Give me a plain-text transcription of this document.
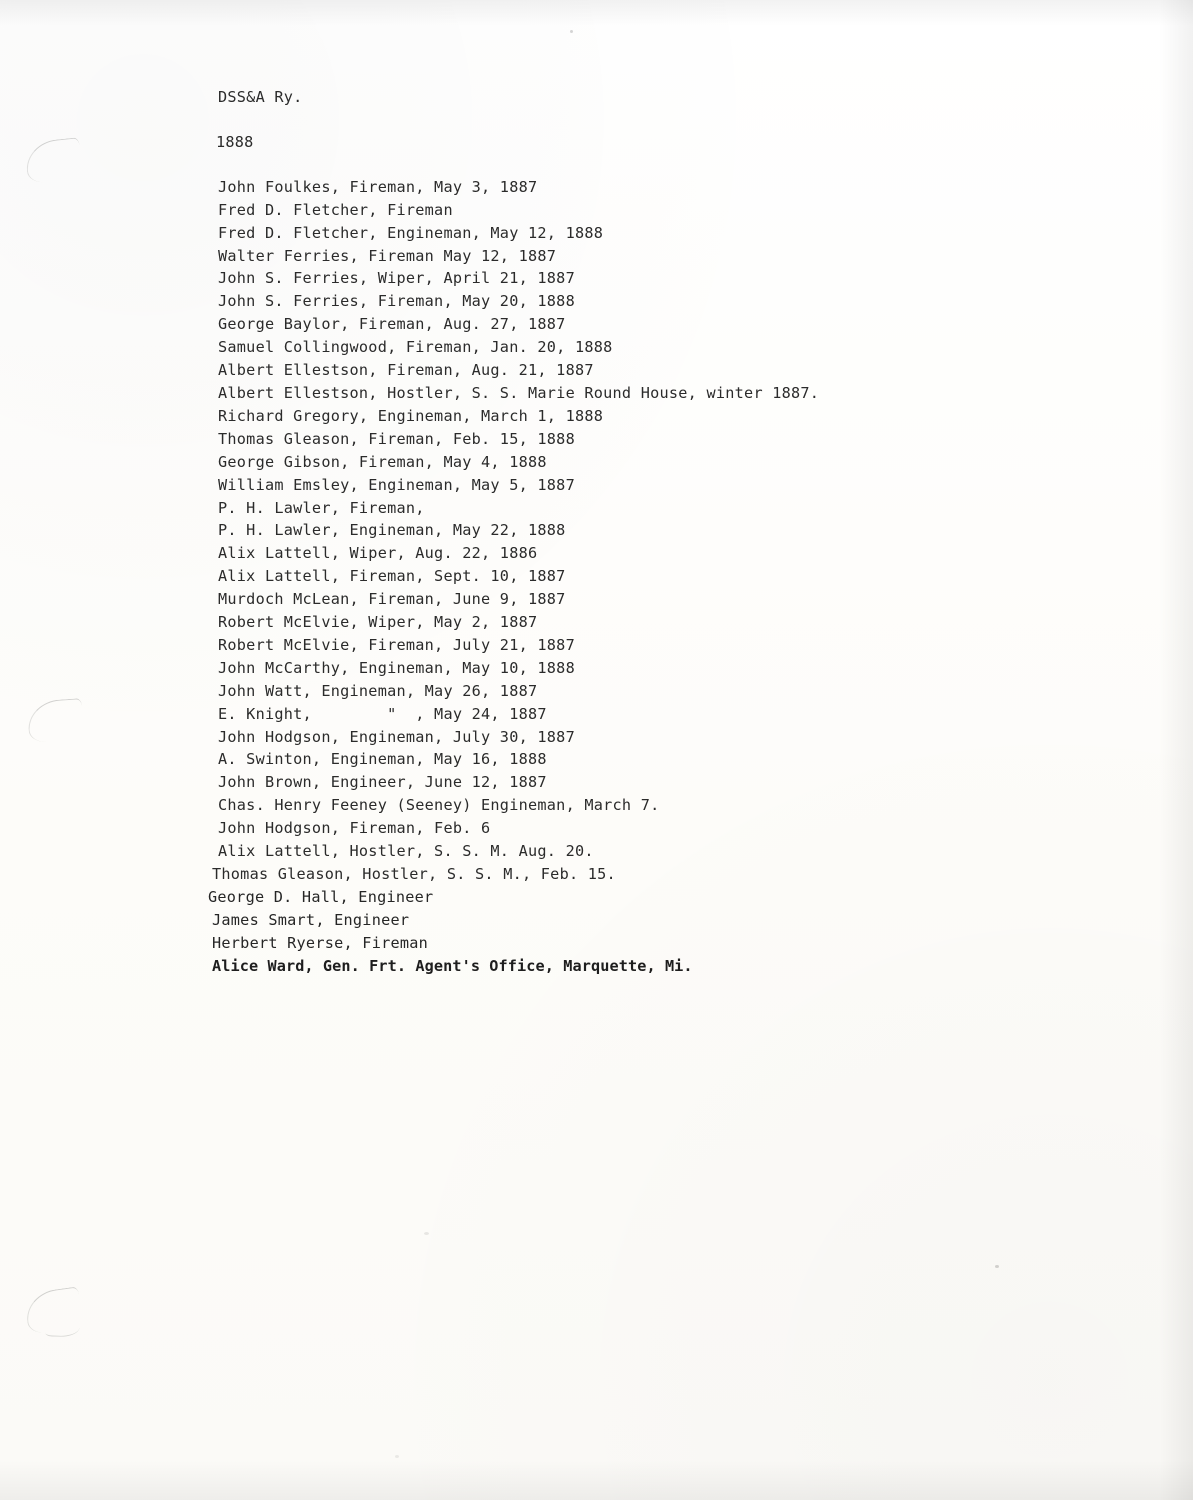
DSS&A Ry.
1888
John Foulkes, Fireman, May 3, 1887
Fred D. Fletcher, Fireman
Fred D. Fletcher, Engineman, May 12, 1888
Walter Ferries, Fireman May 12, 1887
John S. Ferries, Wiper, April 21, 1887
John S. Ferries, Fireman, May 20, 1888
George Baylor, Fireman, Aug. 27, 1887
Samuel Collingwood, Fireman, Jan. 20, 1888
Albert Ellestson, Fireman, Aug. 21, 1887
Albert Ellestson, Hostler, S. S. Marie Round House, winter 1887.
Richard Gregory, Engineman, March 1, 1888
Thomas Gleason, Fireman, Feb. 15, 1888
George Gibson, Fireman, May 4, 1888
William Emsley, Engineman, May 5, 1887
P. H. Lawler, Fireman,
P. H. Lawler, Engineman, May 22, 1888
Alix Lattell, Wiper, Aug. 22, 1886
Alix Lattell, Fireman, Sept. 10, 1887
Murdoch McLean, Fireman, June 9, 1887
Robert McElvie, Wiper, May 2, 1887
Robert McElvie, Fireman, July 21, 1887
John McCarthy, Engineman, May 10, 1888
John Watt, Engineman, May 26, 1887
E. Knight,        "  , May 24, 1887
John Hodgson, Engineman, July 30, 1887
A. Swinton, Engineman, May 16, 1888
John Brown, Engineer, June 12, 1887
Chas. Henry Feeney (Seeney) Engineman, March 7.
John Hodgson, Fireman, Feb. 6
Alix Lattell, Hostler, S. S. M. Aug. 20.
Thomas Gleason, Hostler, S. S. M., Feb. 15.
George D. Hall, Engineer
James Smart, Engineer
Herbert Ryerse, Fireman
Alice Ward, Gen. Frt. Agent's Office, Marquette, Mi.
